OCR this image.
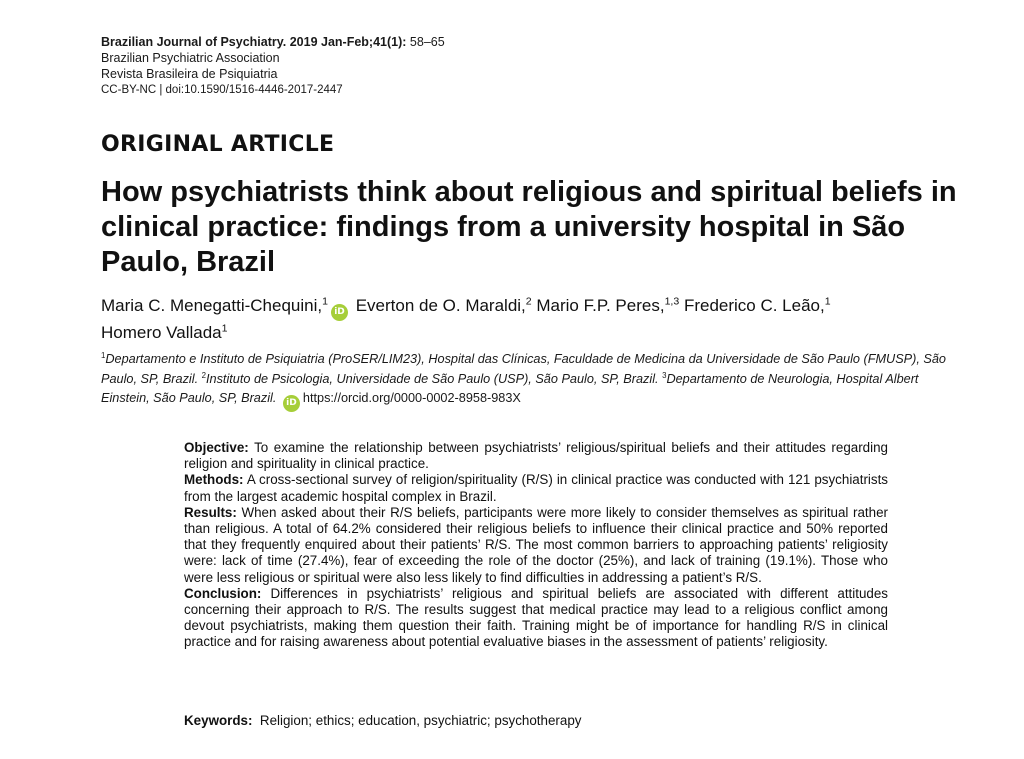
Brazilian Journal of Psychiatry. 2019 Jan-Feb;41(1): 58–65
Brazilian Psychiatric Association
Revista Brasileira de Psiquiatria
CC-BY-NC | doi:10.1590/1516-4446-2017-2447
ORIGINAL ARTICLE
How psychiatrists think about religious and spiritual beliefs in clinical practice: findings from a university hospital in São Paulo, Brazil
Maria C. Menegatti-Chequini,$^1$iD Everton de O. Maraldi,$^2$ Mario F.P. Peres,$^{1,3}$ Frederico C. Leão,$^1$
Homero Vallada$^1$
$^1$Departamento e Instituto de Psiquiatria (ProSER/LIM23), Hospital das Clínicas, Faculdade de Medicina da Universidade de São Paulo (FMUSP), São Paulo, SP, Brazil. $^2$Instituto de Psicologia, Universidade de São Paulo (USP), São Paulo, SP, Brazil. $^3$Departamento de Neurologia, Hospital Albert Einstein, São Paulo, SP, Brazil. iD https://orcid.org/0000-0002-8958-983X

Objective: To examine the relationship between psychiatrists’ religious/spiritual beliefs and their attitudes regarding religion and spirituality in clinical practice.

Methods: A cross-sectional survey of religion/spirituality (R/S) in clinical practice was conducted with 121 psychiatrists from the largest academic hospital complex in Brazil.

Results: When asked about their R/S beliefs, participants were more likely to consider themselves as spiritual rather than religious. A total of 64.2% considered their religious beliefs to influence their clinical practice and 50% reported that they frequently enquired about their patients’ R/S. The most common barriers to approaching patients’ religiosity were: lack of time (27.4%), fear of exceeding the role of the doctor (25%), and lack of training (19.1%). Those who were less religious or spiritual were also less likely to find difficulties in addressing a patient’s R/S.

Conclusion: Differences in psychiatrists’ religious and spiritual beliefs are associated with different attitudes concerning their approach to R/S. The results suggest that medical practice may lead to a religious conflict among devout psychiatrists, making them question their faith. Training might be of importance for handling R/S in clinical practice and for raising awareness about potential evaluative biases in the assessment of patients’ religiosity.

Keywords: Religion; ethics; education, psychiatric; psychotherapy
